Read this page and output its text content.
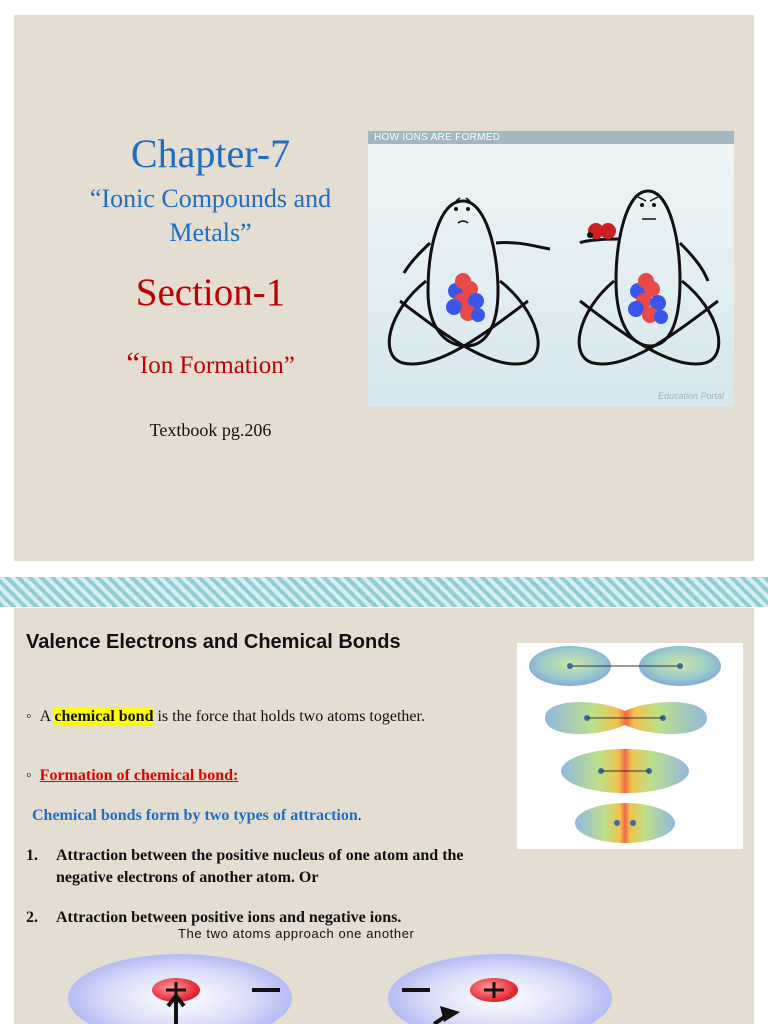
Chapter-7
“Ionic Compounds and
Metals”
Section-1
“Ion Formation”
Textbook pg.206
HOW IONS ARE FORMED
Education Portal
Valence Electrons and Chemical Bonds
◦ A chemical bond is the force that holds two atoms together.
◦ Formation of chemical bond:
Chemical bonds form by two types of attraction.
1. Attraction between the positive nucleus of one atom and the negative electrons of another atom. Or
2. Attraction between positive ions and negative ions.
The two atoms approach one another
